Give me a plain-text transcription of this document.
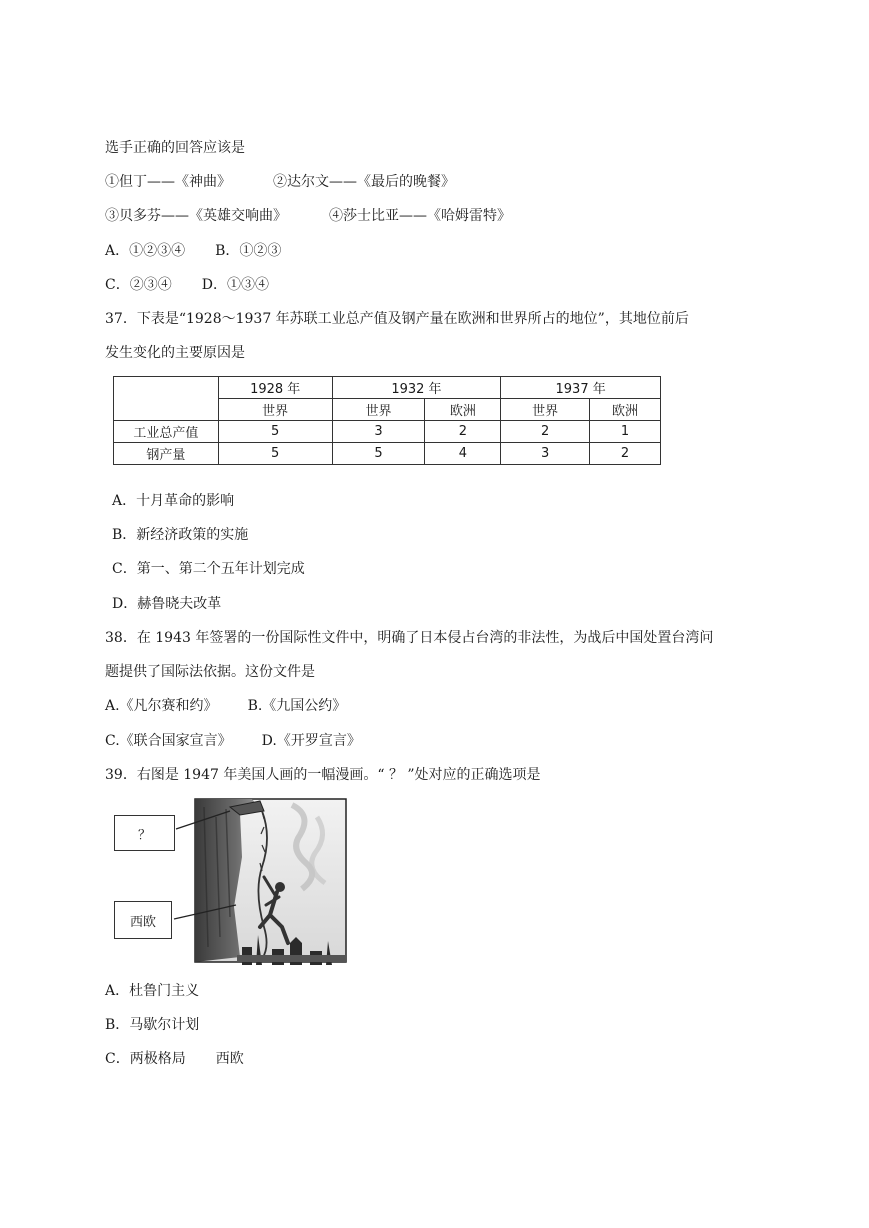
选手正确的回答应该是
①但丁——《神曲》	②达尔文——《最后的晚餐》
③贝多芬——《英雄交响曲》	④莎士比亚——《哈姆雷特》
A．①②③④ B．①②③
C．②③④ D．①③④
37．下表是“1928～1937 年苏联工业总产值及钢产量在欧洲和世界所占的地位”，其地位前后
发生变化的主要原因是
	1928 年	1932 年		1937 年	
	世界	世界	欧洲	世界	欧洲
工业总产值	5	3	2	2	1
钢产量	5	5	4	3	2
A．十月革命的影响
B．新经济政策的实施
C．第一、第二个五年计划完成
D．赫鲁晓夫改革
38．在 1943 年签署的一份国际性文件中，明确了日本侵占台湾的非法性，为战后中国处置台湾问
题提供了国际法依据。这份文件是
A.《凡尔赛和约》 B.《九国公约》
C.《联合国家宣言》 D.《开罗宣言》
39．右图是 1947 年美国人画的一幅漫画。“ ？ ”处对应的正确选项是
？
西欧
A．杜鲁门主义
B．马歇尔计划
C．两极格局 西欧
